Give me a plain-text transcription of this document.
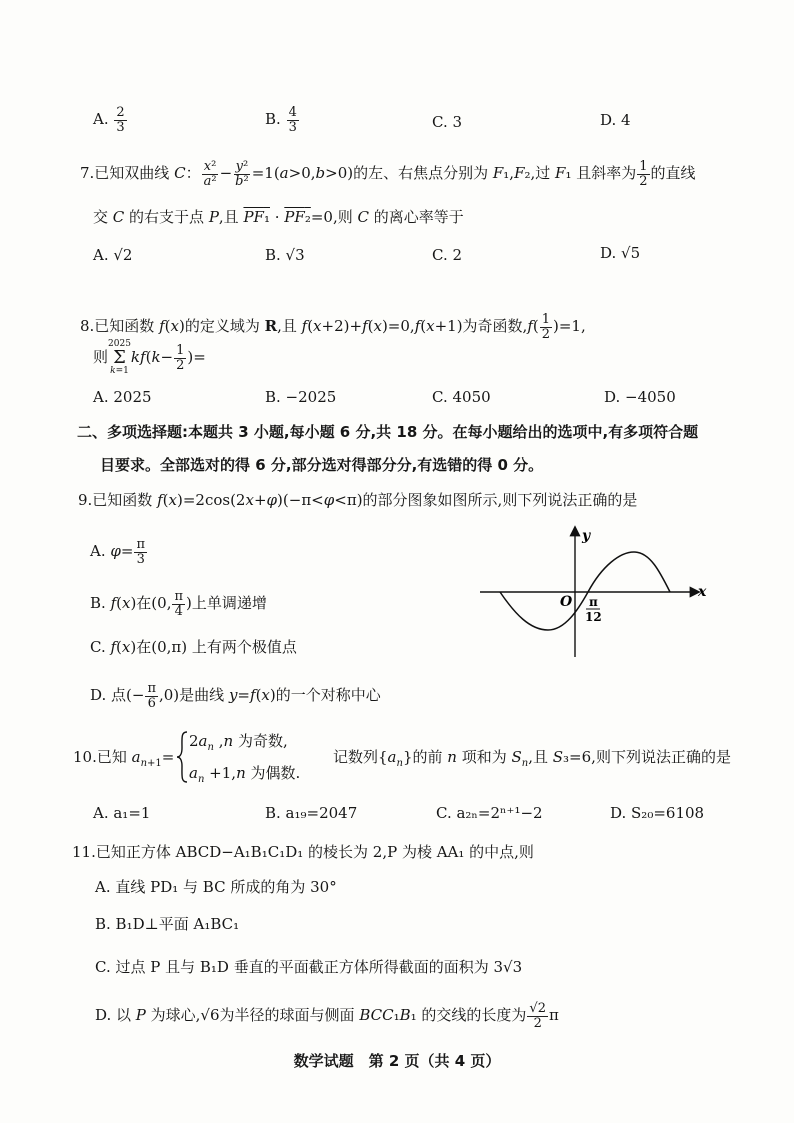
A. $\frac{2}{3}$	B. $\frac{4}{3}$	C. 3	D. 4
7.已知双曲线 C： $\frac{\text{x²}}{\text{a²}} - \frac{\text{y²}}{\text{b²}} =1(a>0,b>0)$的左、右焦点分别为 F₁,F₂,过 F₁ 且斜率为 $\frac{1}{2}$ 的直线
交 C 的右支于点 P,且 PF₁ · PF₂=0,则 C 的离心率等于
A. √2	B. √3	C. 2	D. √5
8.已知函数 f(x)的定义域为 R,且 f(x+2)+f(x)=0,f(x+1)为奇函数$,f( \frac{1}{2} )=1$,
则
2025
Σ
k=1
$kf(k- \frac{1}{2}$ )=
A. 2025	B. −2025	C. 4050	D. −4050
二、多项选择题:本题共 3 小题,每小题 6 分,共 18 分。在每小题给出的选项中,有多项符合题
目要求。全部选对的得 6 分,部分选对得部分分,有选错的得 0 分。
9.已知函数 f(x)=2cos(2x+φ)(−π<φ<π)的部分图象如图所示,则下列说法正确的是
A. $\varphi= \frac{\pi}{3}$
B. f(x)在(0, $\frac{\pi}{4}$ )上单调递增
C. f(x)在(0,π) 上有两个极值点
D. 点(− $\frac{\pi}{6} ,0$)是曲线 y=f(x)的一个对称中心
y
x
O π
12
10.已知 $a_{n+1}=$
$2a_n$ ,n 为奇数,
$a_n +1,n$ 为偶数.
记数列$\{a_n\}$的前 n 项和为 $S_n$,且 S₃=6,则下列说法正确的是
A. a₁=1	B. a₁₉=2047	C. a₂ₙ=2ⁿ⁺¹−2	D. S₂₀=6108
11.已知正方体 ABCD−A₁B₁C₁D₁ 的棱长为 2,P 为棱 AA₁ 的中点,则
A. 直线 PD₁ 与 BC 所成的角为 30°
B. B₁D⊥平面 A₁BC₁
C. 过点 P 且与 B₁D 垂直的平面截正方体所得截面的面积为 3√3
D. 以 P 为球心,√6为半径的球面与侧面 BCC₁B₁ 的交线的长度为 $\frac{√2}{2}$ π
数学试题　第 2 页（共 4 页）
